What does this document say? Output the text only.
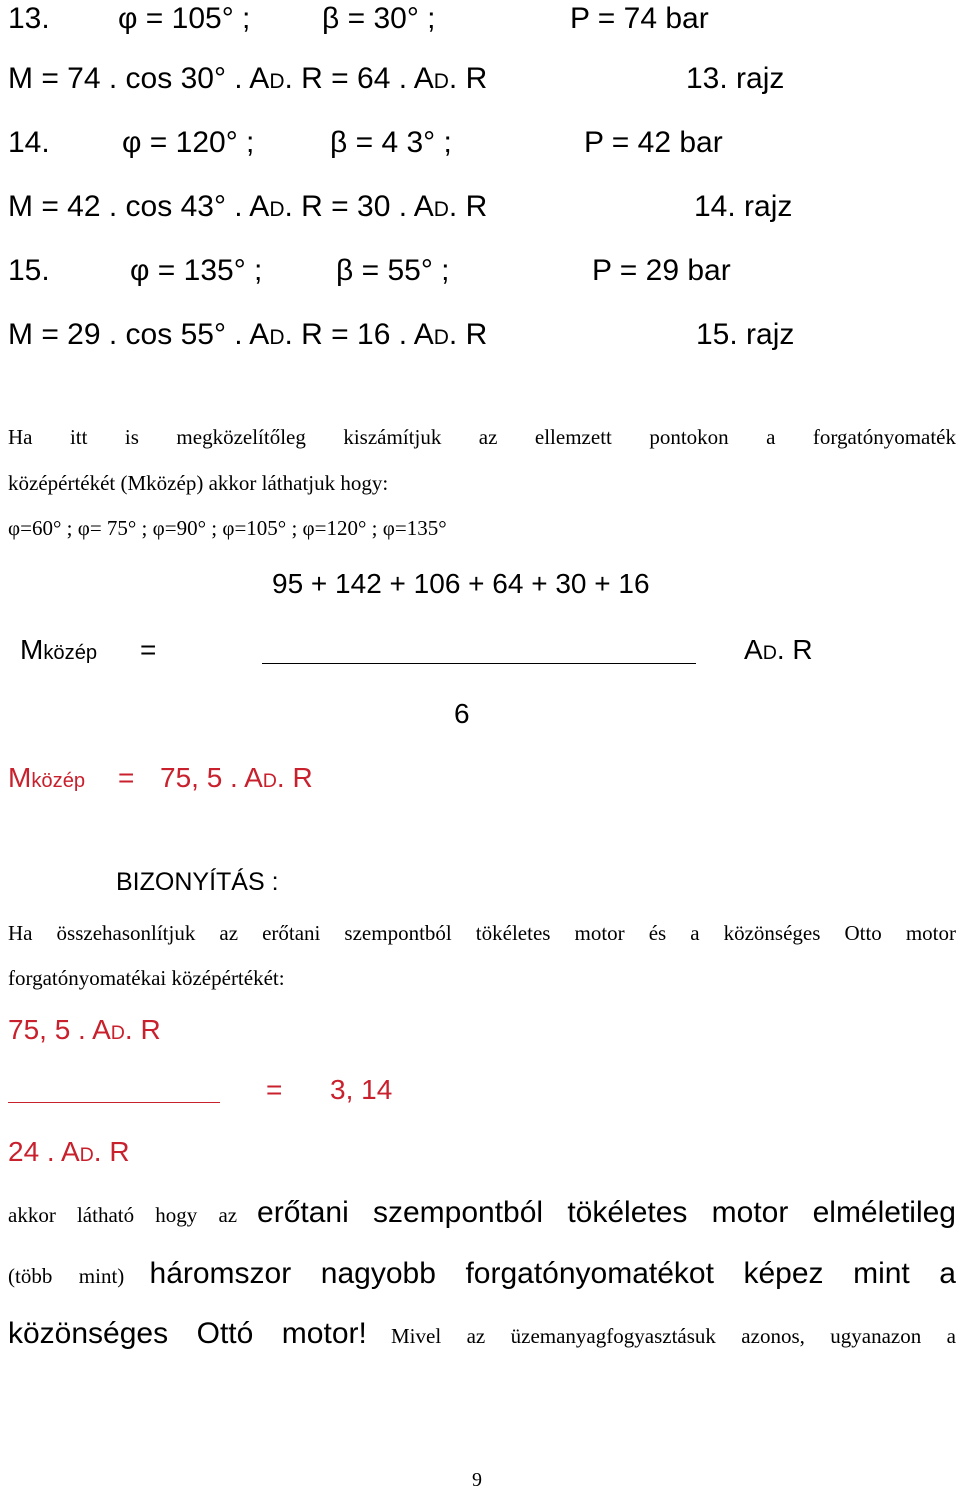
13. φ = 105° ; β = 30° ;	P = 74 bar
M = 74 . cos 30° . AD. R = 64 . AD. R	13. rajz
14. φ = 120° ;	β = 4 3° ;	P = 42 bar
M = 42 . cos 43° . AD. R = 30 . AD. R	14. rajz
15.	φ = 135° ; β = 55° ;	P = 29 bar
M = 29 . cos 55° . AD. R = 16 . AD. R	15. rajz
Ha itt is megközelítőleg kiszámítjuk az ellemzett pontokon a forgatónyomaték
középértékét (Mközép) akkor láthatjuk hogy:
φ=60° ; φ= 75° ; φ=90° ; φ=105° ; φ=120° ; φ=135°
95 + 142 + 106 + 64 + 30 + 16
Mközép =	AD. R
6
Mközép = 75, 5 . AD. R
BIZONYÍTÁS :
Ha összehasonlítjuk az erőtani szempontból tökéletes motor és a közönséges Otto motor
forgatónyomatékai középértékét:
75, 5 . AD. R
= 3, 14
24 . AD. R
akkor látható hogy az erőtani szempontból tökéletes motor elméletileg
(több mint) háromszor nagyobb forgatónyomatékot képez mint a
közönséges Ottó motor! Mivel az üzemanyagfogyasztásuk azonos, ugyanazon a
9
